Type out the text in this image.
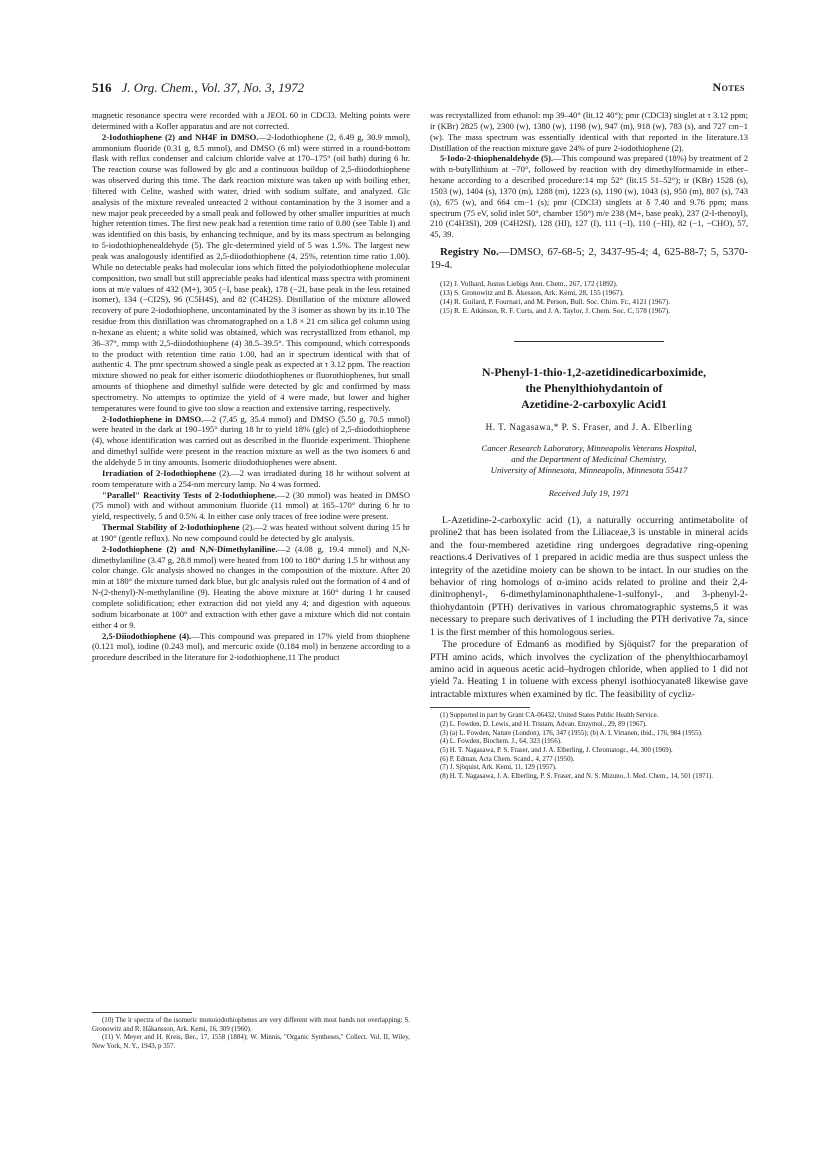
516 J. Org. Chem., Vol. 37, No. 3, 1972	Notes

magnetic resonance spectra were recorded with a JEOL 60 in CDCl3. Melting points were determined with a Kofler apparatus and are not corrected.

2-Iodothiophene (2) and NH4F in DMSO.—2-Iodothiophene (2, 6.49 g, 30.9 mmol), ammonium fluoride (0.31 g, 8.5 mmol), and DMSO (6 ml) were stirred in a round-bottom flask with reflux condenser and calcium chloride valve at 170–175° (oil bath) during 6 hr. The reaction course was followed by glc and a continuous buildup of 2,5-diiodothiophene was observed during this time. The dark reaction mixture was taken up with boiling ether, filtered with Celite, washed with water, dried with sodium sulfate, and analyzed. Glc analysis of the mixture revealed unreacted 2 without contamination by the 3 isomer and a new major peak preceeded by a small peak and followed by other smaller impurities at much higher retention times. The first new peak had a retention time ratio of 0.80 (see Table I) and was identified on this basis, by enhancing technique, and by its mass spectrum as belonging to 5-iodothiophenealdehyde (5). The glc-determined yield of 5 was 1.5%. The largest new peak was analogously identified as 2,5-diiodothiophene (4, 25%, retention time ratio 1.00). While no detectable peaks had molecular ions which fitted the polyiodothiophene molecular composition, two small but still appreciable peaks had identical mass spectra with prominent ions at m/e values of 432 (M+), 305 (−I, base peak), 178 (−2I, base peak in the less retained isomer), 134 (−CI2S), 96 (C5H4S), and 82 (C4H2S). Distillation of the mixture allowed recovery of pure 2-iodothiophene, uncontaminated by the 3 isomer as shown by its ir.10 The residue from this distillation was chromatographed on a 1.8 × 21 cm silica gel column using n-hexane as eluent; a white solid was obtained, which was recrystallized from ethanol, mp 36–37°, mmp with 2,5-diiodothiophene (4) 38.5–39.5°. This compound, which corresponds to the product with retention time ratio 1.00, had an ir spectrum identical with that of authentic 4. The pmr spectrum showed a single peak as expected at τ 3.12 ppm. The reaction mixture showed no peak for either isomeric diiodothiophenes or fluorothiophenes, but small amounts of thiophene and dimethyl sulfide were detected by glc and confirmed by mass spectrometry. No attempts to optimize the yield of 4 were made, but lower and higher temperatures were found to give too slow a reaction and extensive tarring, respectively.

2-Iodothiophene in DMSO.—2 (7.45 g, 35.4 mmol) and DMSO (5.50 g, 70.5 mmol) were heated in the dark at 190–195° during 18 hr to yield 18% (glc) of 2,5-diiodothiophene (4), whose identification was carried out as described in the fluoride experiment. Thiophene and dimethyl sulfide were present in the reaction mixture as well as the two isomers 6 and the aldehyde 5 in tiny amounts. Isomeric diiodothiophenes were absent.

Irradiation of 2-Iodothiophene (2).—2 was irradiated during 18 hr without solvent at room temperature with a 254-nm mercury lamp. No 4 was formed.

"Parallel" Reactivity Tests of 2-Iodothiophene.—2 (30 mmol) was heated in DMSO (75 mmol) with and without ammonium fluoride (11 mmol) at 165–170° during 6 hr to yield, respectively, 5 and 0.5% 4. In either case only traces of free iodine were present.

Thermal Stability of 2-Iodothiophene (2).—2 was heated without solvent during 15 hr at 190° (gentle reflux). No new compound could be detected by glc analysis.

2-Iodothiophene (2) and N,N-Dimethylaniline.—2 (4.08 g, 19.4 mmol) and N,N-dimethylaniline (3.47 g, 28.8 mmol) were heated from 100 to 180° during 1.5 hr without any color change. Glc analysis showed no changes in the composition of the mixture. After 20 min at 180° the mixture turned dark blue, but glc analysis ruled out the formation of 4 and of N-(2-thenyl)-N-methylaniline (9). Heating the above mixture at 160° during 1 hr caused complete solidification; ether extraction did not yield any 4; and digestion with aqueous sodium bicarbonate at 100° and extraction with ether gave a mixture which did not contain either 4 or 9.

2,5-Diiodothiophene (4).—This compound was prepared in 17% yield from thiophene (0.121 mol), iodine (0.243 mol), and mercuric oxide (0.184 mol) in benzene according to a procedure described in the literature for 2-iodothiophene.11 The product

(10) The ir spectra of the isomeric monoiodothiophenes are very different with most bands not overlapping: S. Gronowitz and R. Håkansson, Ark. Kemi, 16, 309 (1960).
(11) V. Meyer and H. Kreis, Ber., 17, 1558 (1884); W. Minnis, "Organic Syntheses," Collect. Vol. II, Wiley, New York, N. Y., 1943, p 357.

was recrystallized from ethanol: mp 39–40° (lit.12 40°); pmr (CDCl3) singlet at τ 3.12 ppm; ir (KBr) 2825 (w), 2300 (w), 1380 (w), 1198 (w), 947 (m), 918 (w), 783 (s), and 727 cm−1 (w). The mass spectrum was essentially identical with that reported in the literature.13 Distillation of the reaction mixture gave 24% of pure 2-iodothiophene (2).

5-Iodo-2-thiophenaldehyde (5).—This compound was prepared (18%) by treatment of 2 with n-butyllithium at −70°, followed by reaction with dry dimethylformamide in ether–hexane according to a described procedure:14 mp 52° (lit.15 51–52°); ir (KBr) 1528 (s), 1503 (w), 1404 (s), 1370 (m), 1288 (m), 1223 (s), 1190 (w), 1043 (s), 950 (m), 807 (s), 743 (s), 675 (w), and 664 cm−1 (s); pmr (CDCl3) singlets at δ 7.40 and 9.76 ppm; mass spectrum (75 eV, solid inlet 50°, chamber 150°) m/e 238 (M+, base peak), 237 (2-I-thenoyl), 210 (C4H3SI), 209 (C4H2SI), 128 (HI), 127 (I), 111 (−I), 110 (−HI), 82 (−1, −CHO), 57, 45, 39.

Registry No.—DMSO, 67-68-5; 2, 3437-95-4; 4, 625-88-7; 5, 5370-19-4.

(12) J. Volhard, Justus Liebigs Ann. Chem., 267, 172 (1892).
(13) S. Gronowitz and B. Åkesson, Ark. Kemi, 28, 155 (1967).
(14) R. Guilard, P. Fournari, and M. Person, Bull. Soc. Chim. Fr., 4121 (1967).
(15) R. E. Atkinson, R. F. Curts, and J. A. Taylor, J. Chem. Soc. C, 578 (1967).

N-Phenyl-1-thio-1,2-azetidinedicarboximide,

the Phenylthiohydantoin of

Azetidine-2-carboxylic Acid1

H. T. Nagasawa,* P. S. Fraser, and J. A. Elberling
Cancer Research Laboratory, Minneapolis Veterans Hospital,
and the Department of Medicinal Chemistry,
University of Minnesota, Minneapolis, Minnesota 55417
Received July 19, 1971

L-Azetidine-2-carboxylic acid (1), a naturally occurring antimetabolite of proline2 that has been isolated from the Liliaceae,3 is unstable in mineral acids and the four-membered azetidine ring undergoes degradative ring-opening reactions.4 Derivatives of 1 prepared in acidic media are thus suspect unless the integrity of the azetidine moiety can be shown to be intact. In our studies on the behavior of ring homologs of α-imino acids related to proline and their 2,4-dinitrophenyl-, 6-dimethylaminonaphthalene-1-sulfonyl-, and 3-phenyl-2-thiohydantoin (PTH) derivatives in various chromatographic systems,5 it was necessary to prepare such derivatives of 1 including the PTH derivative 7a, since 1 is the first member of this homologous series.

The procedure of Edman6 as modified by Sjöquist7 for the preparation of PTH amino acids, which involves the cyclization of the phenylthiocarbamoyl amino acid in aqueous acetic acid–hydrogen chloride, when applied to 1 did not yield 7a. Heating 1 in toluene with excess phenyl isothiocyanate8 likewise gave intractable mixtures when examined by tlc. The feasibility of cycliz-

(1) Supported in part by Grant CA-06432, United States Public Health Service.
(2) L. Fowden, D. Lewis, and H. Tristam, Advan. Enzymol., 29, 89 (1967).
(3) (a) L. Fowden, Nature (London), 176, 347 (1955); (b) A. I. Virtanen, ibid., 176, 984 (1955).
(4) L. Fowden, Biochem. J., 64, 323 (1956).
(5) H. T. Nagasawa, P. S. Fraser, and J. A. Elberling, J. Chromatogr., 44, 300 (1969).
(6) P. Edman, Acta Chem. Scand., 4, 277 (1950).
(7) J. Sjöquist, Ark. Kemi, 11, 129 (1957).
(8) H. T. Nagasawa, J. A. Elberling, P. S. Fraser, and N. S. Mizuno, J. Med. Chem., 14, 501 (1971).
